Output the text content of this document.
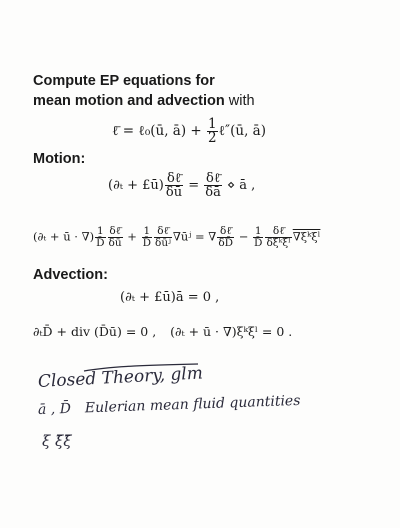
Compute EP equations for
mean motion and advection with
ℓ̄ = ℓ₀(ū, ā) + $\frac{1}{2}$ ℓ″(ū, ā)
Motion:
(∂ₜ + £ū) $\frac{\text{δℓ̄}}{\delta ū} = \frac{\text{δℓ̄}}{\delta ā}$ ⋄ ā ,
(∂ₜ + ū · ∇) $\frac{1}{D̄} \frac{\text{δℓ̄}}{\delta ū} + \frac{1}{D̄} \frac{\text{δℓ̄}}{\text{δūʲ}}$ ∇ūʲ = ∇ $\frac{\text{δℓ̄}}{\delta D̄} - \frac{1}{D̄} \frac{\text{δℓ̄}}{\text{δξᵏξˡ}}$ ∇ξᵏξˡ
Advection:
(∂ₜ + £ū)ā = 0 ,
∂ₜD̄ + div (D̄ū) = 0 , (∂ₜ + ū · ∇)ξᵏξˡ = 0 .
Closed Theory, glm
ā , D̄ Eulerian mean fluid quantities
ξ ξ̄ξ̄
